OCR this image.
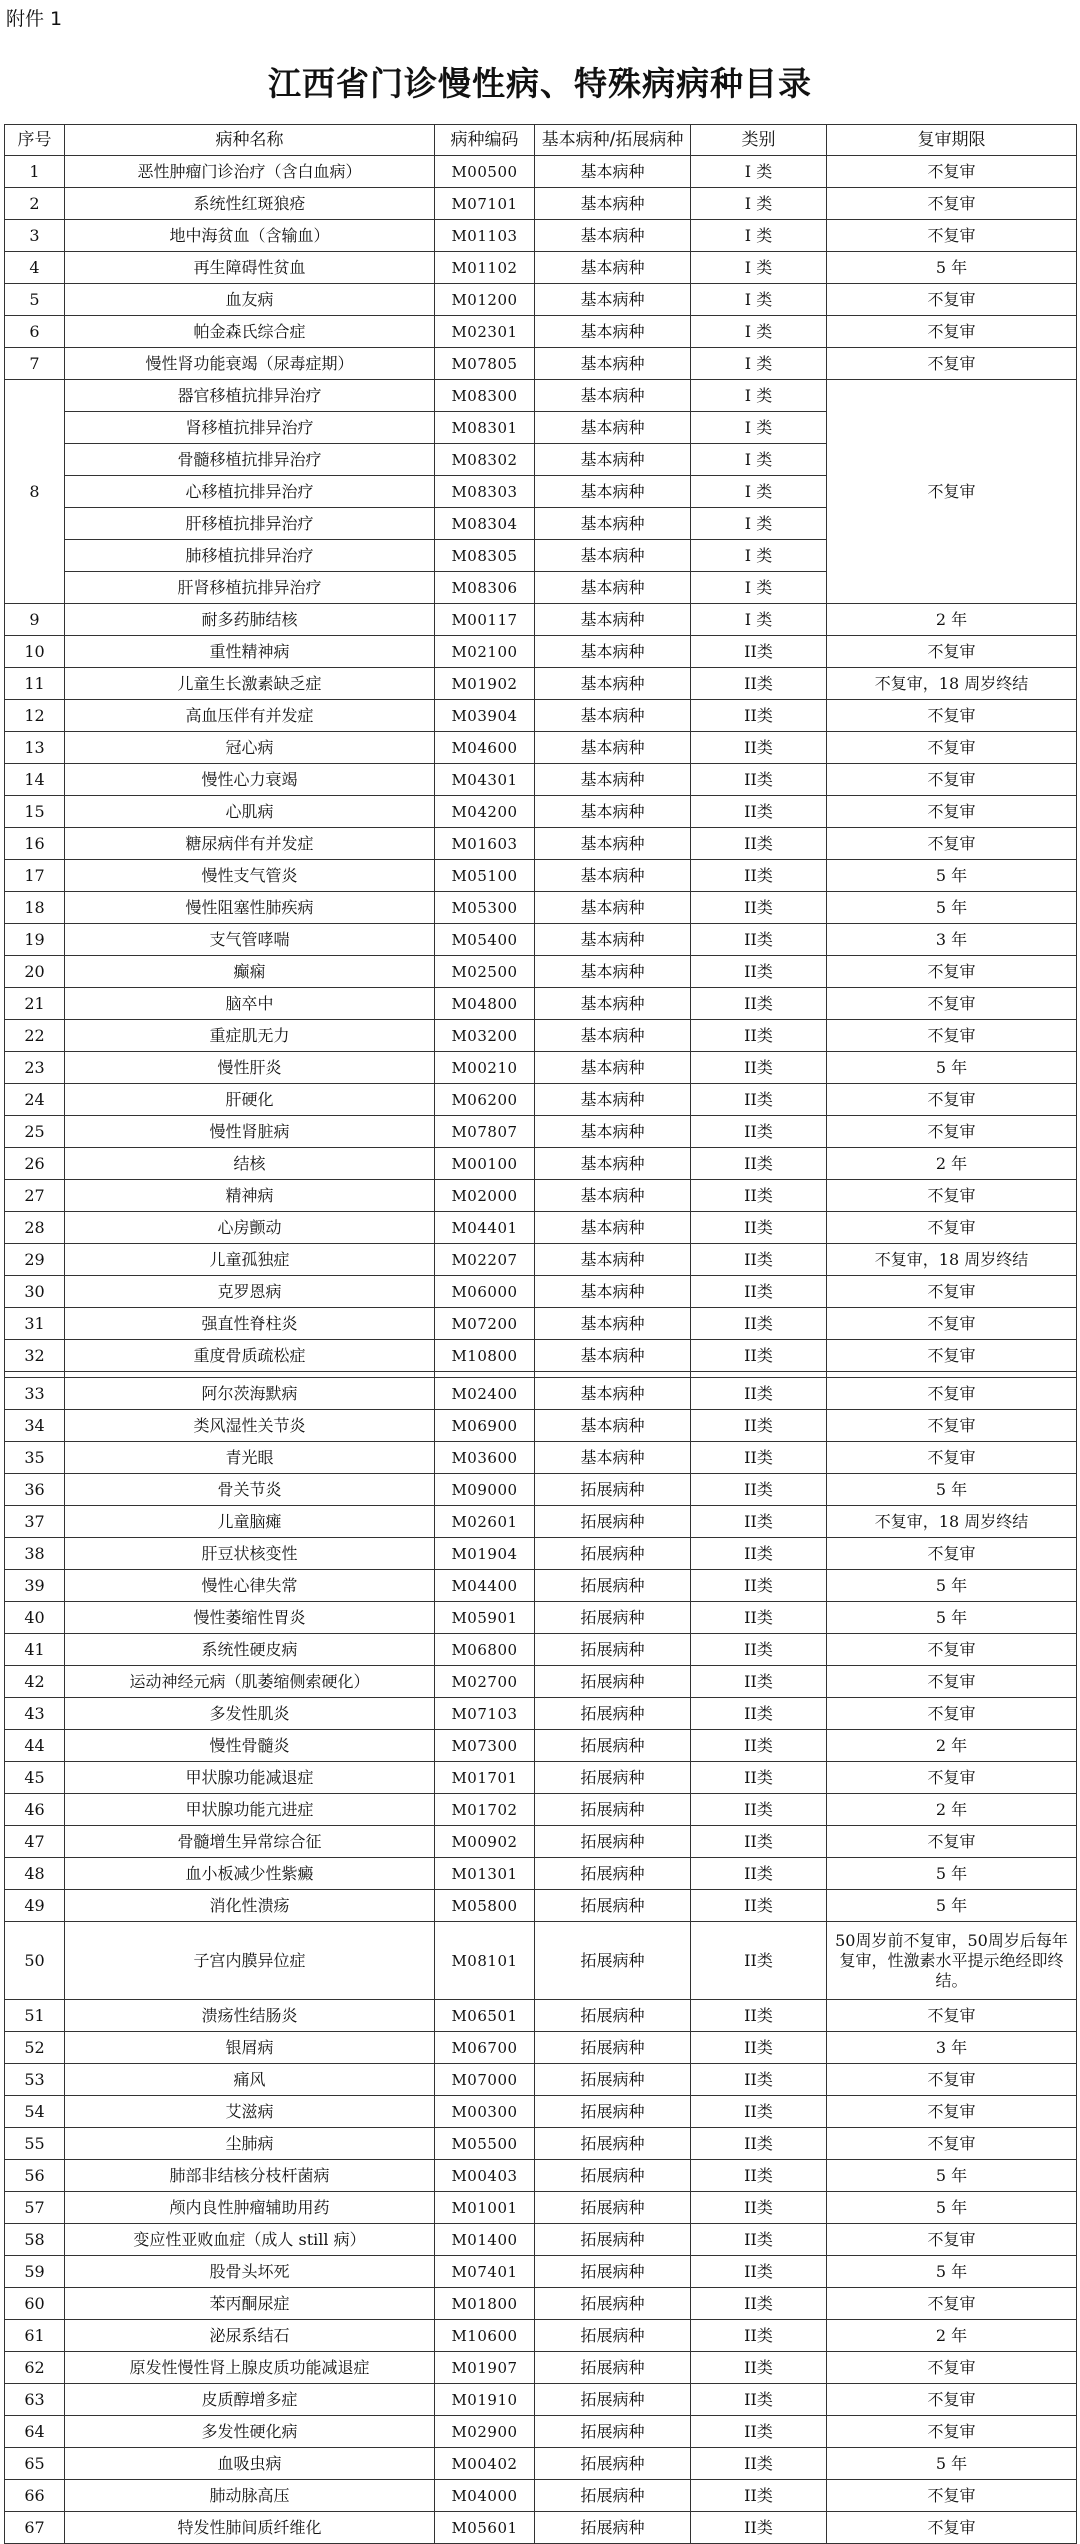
附件 1
江西省门诊慢性病、特殊病病种目录
序号	病种名称	病种编码	基本病种/拓展病种	类别	复审期限
1	恶性肿瘤门诊治疗（含白血病）	M00500	基本病种	I 类	不复审
2	系统性红斑狼疮	M07101	基本病种	I 类	不复审
3	地中海贫血（含输血）	M01103	基本病种	I 类	不复审
4	再生障碍性贫血	M01102	基本病种	I 类	5 年
5	血友病	M01200	基本病种	I 类	不复审
6	帕金森氏综合症	M02301	基本病种	I 类	不复审
7	慢性肾功能衰竭（尿毒症期）	M07805	基本病种	I 类	不复审
8	器官移植抗排异治疗	M08300	基本病种	I 类	不复审
	肾移植抗排异治疗	M08301	基本病种	I 类	
	骨髓移植抗排异治疗	M08302	基本病种	I 类	
	心移植抗排异治疗	M08303	基本病种	I 类	
	肝移植抗排异治疗	M08304	基本病种	I 类	
	肺移植抗排异治疗	M08305	基本病种	I 类	
	肝肾移植抗排异治疗	M08306	基本病种	I 类	
9	耐多药肺结核	M00117	基本病种	I 类	2 年
10	重性精神病	M02100	基本病种	II类	不复审
11	儿童生长激素缺乏症	M01902	基本病种	II类	不复审，18 周岁终结
12	高血压伴有并发症	M03904	基本病种	II类	不复审
13	冠心病	M04600	基本病种	II类	不复审
14	慢性心力衰竭	M04301	基本病种	II类	不复审
15	心肌病	M04200	基本病种	II类	不复审
16	糖尿病伴有并发症	M01603	基本病种	II类	不复审
17	慢性支气管炎	M05100	基本病种	II类	5 年
18	慢性阻塞性肺疾病	M05300	基本病种	II类	5 年
19	支气管哮喘	M05400	基本病种	II类	3 年
20	癫痫	M02500	基本病种	II类	不复审
21	脑卒中	M04800	基本病种	II类	不复审
22	重症肌无力	M03200	基本病种	II类	不复审
23	慢性肝炎	M00210	基本病种	II类	5 年
24	肝硬化	M06200	基本病种	II类	不复审
25	慢性肾脏病	M07807	基本病种	II类	不复审
26	结核	M00100	基本病种	II类	2 年
27	精神病	M02000	基本病种	II类	不复审
28	心房颤动	M04401	基本病种	II类	不复审
29	儿童孤独症	M02207	基本病种	II类	不复审，18 周岁终结
30	克罗恩病	M06000	基本病种	II类	不复审
31	强直性脊柱炎	M07200	基本病种	II类	不复审
32	重度骨质疏松症	M10800	基本病种	II类	不复审

33	阿尔茨海默病	M02400	基本病种	II类	不复审
34	类风湿性关节炎	M06900	基本病种	II类	不复审
35	青光眼	M03600	基本病种	II类	不复审
36	骨关节炎	M09000	拓展病种	II类	5 年
37	儿童脑瘫	M02601	拓展病种	II类	不复审，18 周岁终结
38	肝豆状核变性	M01904	拓展病种	II类	不复审
39	慢性心律失常	M04400	拓展病种	II类	5 年
40	慢性萎缩性胃炎	M05901	拓展病种	II类	5 年
41	系统性硬皮病	M06800	拓展病种	II类	不复审
42	运动神经元病（肌萎缩侧索硬化）	M02700	拓展病种	II类	不复审
43	多发性肌炎	M07103	拓展病种	II类	不复审
44	慢性骨髓炎	M07300	拓展病种	II类	2 年
45	甲状腺功能减退症	M01701	拓展病种	II类	不复审
46	甲状腺功能亢进症	M01702	拓展病种	II类	2 年
47	骨髓增生异常综合征	M00902	拓展病种	II类	不复审
48	血小板减少性紫癜	M01301	拓展病种	II类	5 年
49	消化性溃疡	M05800	拓展病种	II类	5 年
50	子宫内膜异位症	M08101	拓展病种	II类	50周岁前不复审，50周岁后每年复审，性激素水平提示绝经即终结。
51	溃疡性结肠炎	M06501	拓展病种	II类	不复审
52	银屑病	M06700	拓展病种	II类	3 年
53	痛风	M07000	拓展病种	II类	不复审
54	艾滋病	M00300	拓展病种	II类	不复审
55	尘肺病	M05500	拓展病种	II类	不复审
56	肺部非结核分枝杆菌病	M00403	拓展病种	II类	5 年
57	颅内良性肿瘤辅助用药	M01001	拓展病种	II类	5 年
58	变应性亚败血症（成人 still 病）	M01400	拓展病种	II类	不复审
59	股骨头坏死	M07401	拓展病种	II类	5 年
60	苯丙酮尿症	M01800	拓展病种	II类	不复审
61	泌尿系结石	M10600	拓展病种	II类	2 年
62	原发性慢性肾上腺皮质功能减退症	M01907	拓展病种	II类	不复审
63	皮质醇增多症	M01910	拓展病种	II类	不复审
64	多发性硬化病	M02900	拓展病种	II类	不复审
65	血吸虫病	M00402	拓展病种	II类	5 年
66	肺动脉高压	M04000	拓展病种	II类	不复审
67	特发性肺间质纤维化	M05601	拓展病种	II类	不复审
